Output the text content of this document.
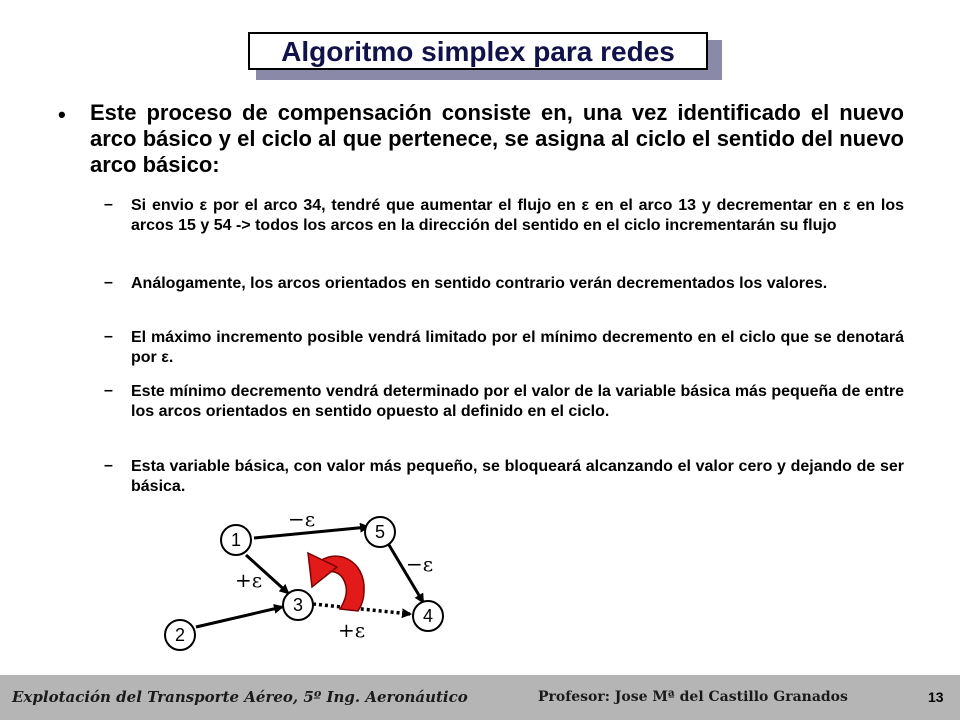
Algoritmo simplex para redes
• Este proceso de compensación consiste en, una vez identificado el nuevo arco básico y el ciclo al que pertenece, se asigna al ciclo el sentido del nuevo arco básico:
– Si envio ε por el arco 34, tendré que aumentar el flujo en ε en el arco 13 y decrementar en ε en los arcos 15 y 54 -> todos los arcos en la dirección del sentido en el ciclo incrementarán su flujo
– Análogamente, los arcos orientados en sentido contrario verán decrementados los valores.
– El máximo incremento posible vendrá limitado por el mínimo decremento en el ciclo que se denotará por ε.
– Este mínimo decremento vendrá determinado por el valor de la variable básica más pequeña de entre los arcos orientados en sentido opuesto al definido en el ciclo.
– Esta variable básica, con valor más pequeño, se bloqueará alcanzando el valor cero y dejando de ser básica.
1
2
3
4
5
−ε
−ε
+ε
+ε
Explotación del Transporte Aéreo, 5º Ing. Aeronáutico	Profesor: Jose Mª del Castillo Granados	13
